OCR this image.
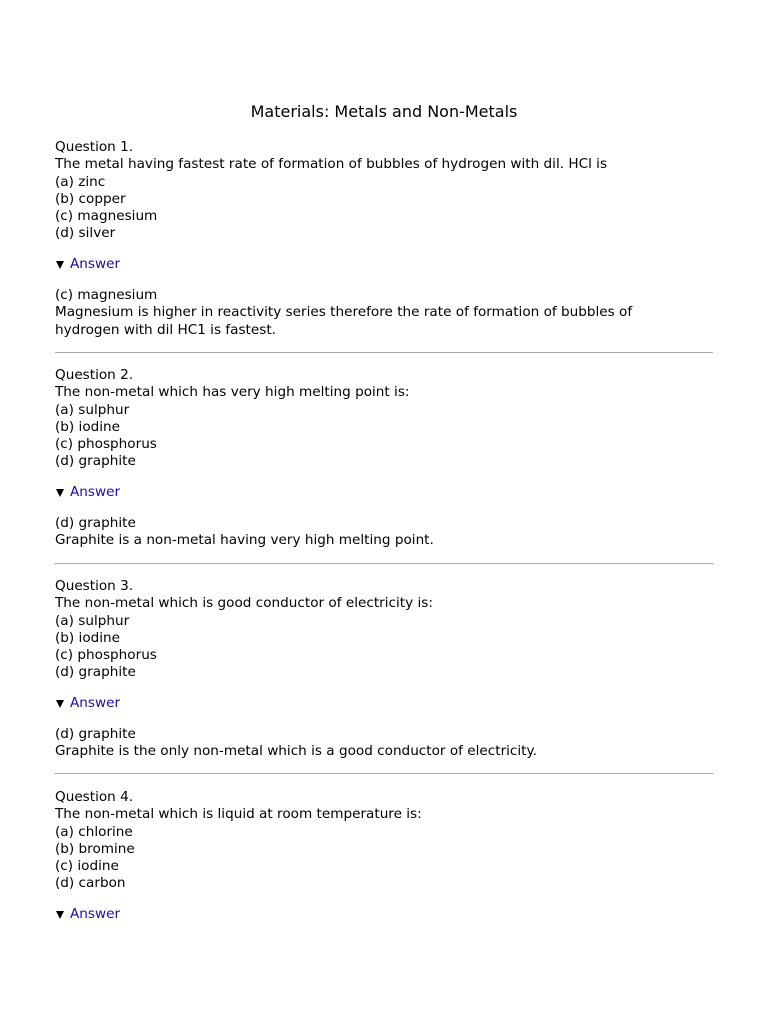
Materials: Metals and Non-Metals
Question 1.
The metal having fastest rate of formation of bubbles of hydrogen with dil. HCl is
(a) zinc
(b) copper
(c) magnesium
(d) silver
Answer
(c) magnesium
Magnesium is higher in reactivity series therefore the rate of formation of bubbles of
hydrogen with dil HC1 is fastest.
Question 2.
The non-metal which has very high melting point is:
(a) sulphur
(b) iodine
(c) phosphorus
(d) graphite
Answer
(d) graphite
Graphite is a non-metal having very high melting point.
Question 3.
The non-metal which is good conductor of electricity is:
(a) sulphur
(b) iodine
(c) phosphorus
(d) graphite
Answer
(d) graphite
Graphite is the only non-metal which is a good conductor of electricity.
Question 4.
The non-metal which is liquid at room temperature is:
(a) chlorine
(b) bromine
(c) iodine
(d) carbon
Answer
